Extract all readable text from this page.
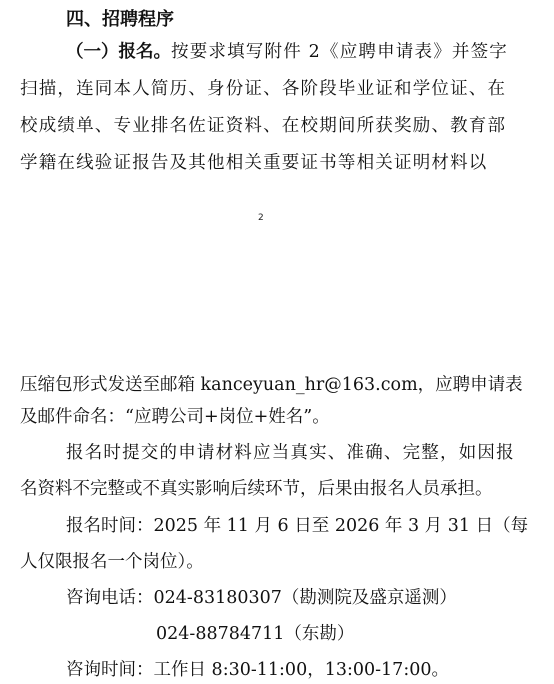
四、招聘程序
（一）报名。按要求填写附件 2《应聘申请表》并签字
扫描，连同本人简历、身份证、各阶段毕业证和学位证、在
校成绩单、专业排名佐证资料、在校期间所获奖励、教育部
学籍在线验证报告及其他相关重要证书等相关证明材料以
2
压缩包形式发送至邮箱 kanceyuan_hr@163.com，应聘申请表
及邮件命名：“应聘公司+岗位+姓名”。
报名时提交的申请材料应当真实、准确、完整，如因报
名资料不完整或不真实影响后续环节，后果由报名人员承担。
报名时间：2025 年 11 月 6 日至 2026 年 3 月 31 日（每
人仅限报名一个岗位）。
咨询电话：024-83180307（勘测院及盛京遥测）
024-88784711（东勘）
咨询时间：工作日 8:30-11:00，13:00-17:00。
